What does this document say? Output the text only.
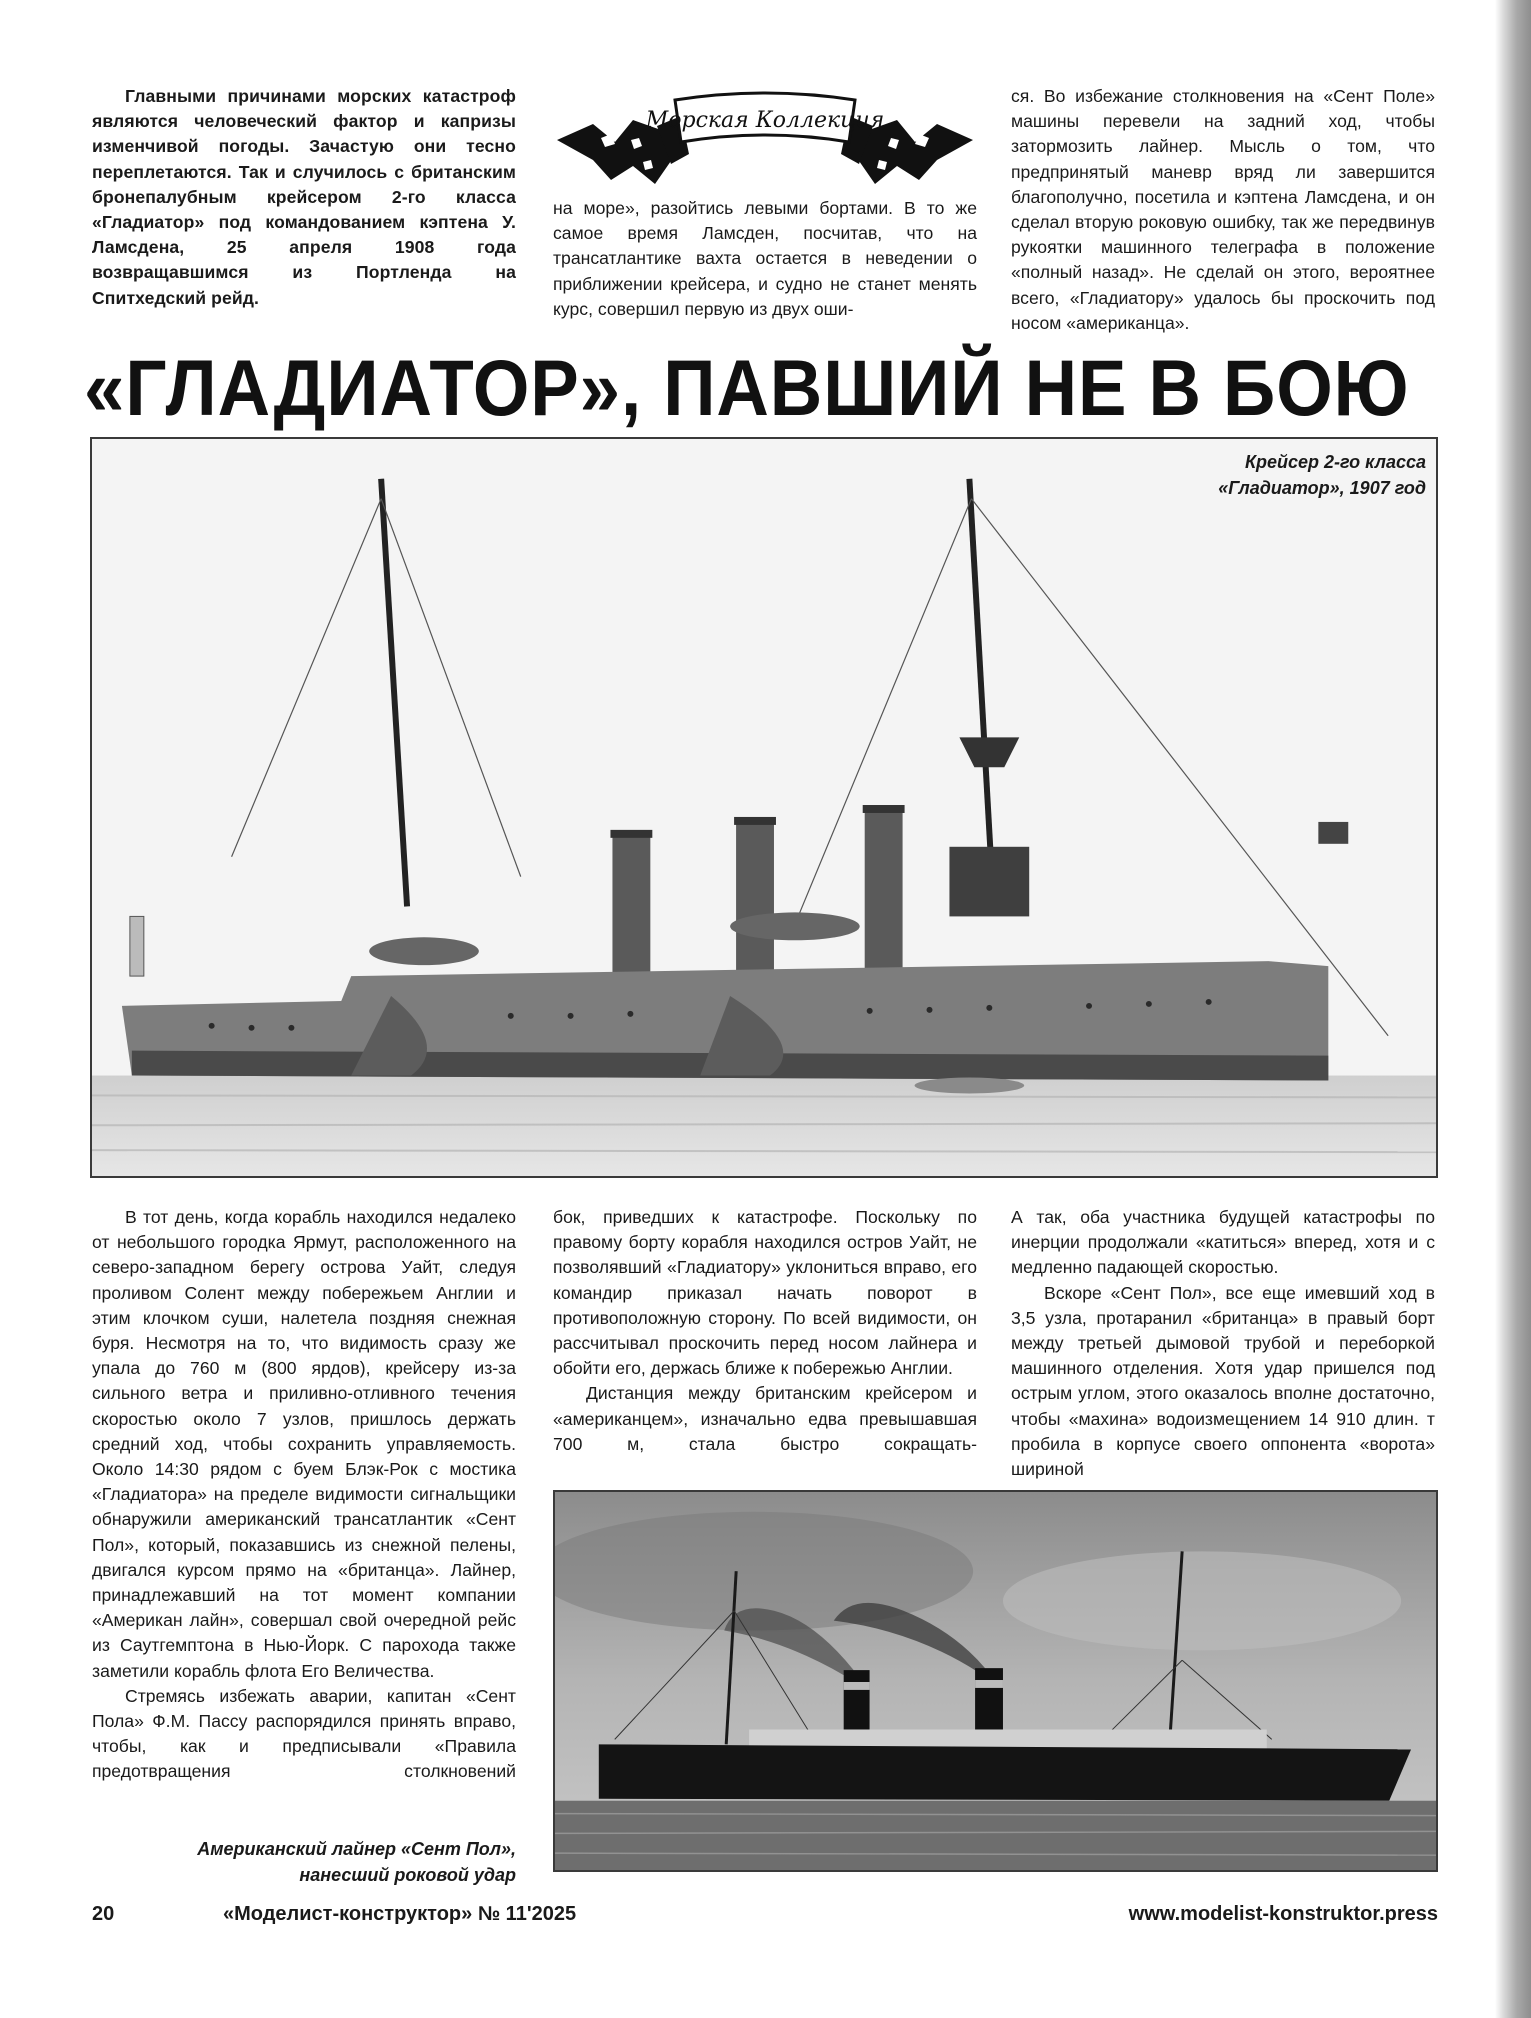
Главными причинами морских катастроф являются человеческий фактор и капризы изменчивой погоды. Зачастую они тесно переплетаются. Так и случилось с британским бронепалубным крейсером 2-го класса «Гладиатор» под командованием кэптена У. Ламсдена, 25 апреля 1908 года возвращавшимся из Портленда на Спитхедский рейд.

Морская Коллекция

на море», разойтись левыми бортами. В то же самое время Ламсден, посчитав, что на трансатлантике вахта остается в неведении о приближении крейсера, и судно не станет менять курс, совершил первую из двух оши-

ся. Во избежание столкновения на «Сент Поле» машины перевели на задний ход, чтобы затормозить лайнер. Мысль о том, что предпринятый маневр вряд ли завершится благополучно, посетила и кэптена Ламсдена, и он сделал вторую роковую ошибку, так же передвинув рукоятки машинного телеграфа в положение «полный назад». Не сделай он этого, вероятнее всего, «Гладиатору» удалось бы проскочить под носом «американца».

«ГЛАДИАТОР», ПАВШИЙ НЕ В БОЮ
Крейсер 2-го класса
«Гладиатор», 1907 год

В тот день, когда корабль находился недалеко от небольшого городка Ярмут, расположенного на северо-западном берегу острова Уайт, следуя проливом Солент между побережьем Англии и этим клочком суши, налетела поздняя снежная буря. Несмотря на то, что видимость сразу же упала до 760 м (800 ярдов), крейсеру из-за сильного ветра и приливно-отливного течения скоростью около 7 узлов, пришлось держать средний ход, чтобы сохранить управляемость. Около 14:30 рядом с буем Блэк-Рок с мостика «Гладиатора» на пределе видимости сигнальщики обнаружили американский трансатлантик «Сент Пол», который, показавшись из снежной пелены, двигался курсом прямо на «британца». Лайнер, принадлежавший на тот момент компании «Американ лайн», совершал свой очередной рейс из Саутгемптона в Нью-Йорк. С парохода также заметили корабль флота Его Величества.

Стремясь избежать аварии, капитан «Сент Пола» Ф.М. Пассу распорядился принять вправо, чтобы, как и предписывали «Правила предотвращения столкновений

бок, приведших к катастрофе. Поскольку по правому борту корабля находился остров Уайт, не позволявший «Гладиатору» уклониться вправо, его командир приказал начать поворот в противоположную сторону. По всей видимости, он рассчитывал проскочить перед носом лайнера и обойти его, держась ближе к побережью Англии.

Дистанция между британским крейсером и «американцем», изначально едва превышавшая 700 м, стала быстро сокращать-

А так, оба участника будущей катастрофы по инерции продолжали «катиться» вперед, хотя и с медленно падающей скоростью.

Вскоре «Сент Пол», все еще имевший ход в 3,5 узла, протаранил «британца» в правый борт между третьей дымовой трубой и переборкой машинного отделения. Хотя удар пришелся под острым углом, этого оказалось вполне достаточно, чтобы «махина» водоизмещением 14 910 длин. т пробила в корпусе своего оппонента «ворота» шириной

Американский лайнер «Сент Пол»,
нанесший роковой удар
20	«Моделист-конструктор» № 11'2025	www.modelist-konstruktor.press
